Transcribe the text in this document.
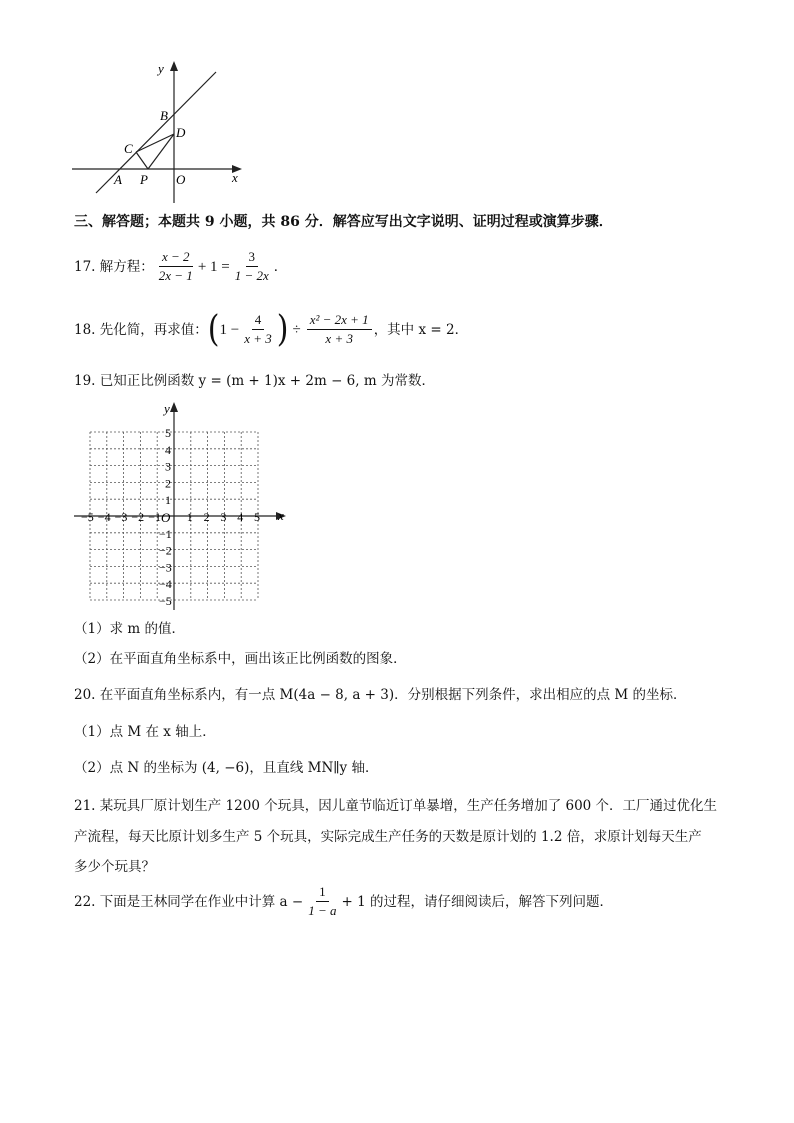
y
x
B
D
C
A P O
三、解答题；本题共 9 小题，共 86 分．解答应写出文字说明、证明过程或演算步骤．
17. 解方程： $\frac{x - 2}{2x - 1} + 1 = \frac{3}{1 - 2x}$ ．
18. 先化简，再求值： ( $1 - \frac{4}{x + 3}$ ) ÷ $\frac{\text{x² − 2x + 1}}{x + 3}$ ，其中 x = 2．
19. 已知正比例函数 y = (m + 1)x + 2m − 6, m 为常数．
−5 −4 −3 −2 −1 1 2 3 4 5
5
4
3
2
1
−1
−2
−3
−4
−5
O	x
y
（1）求 m 的值．
（2）在平面直角坐标系中，画出该正比例函数的图象．
20. 在平面直角坐标系内，有一点 M(4a − 8, a + 3)．分别根据下列条件，求出相应的点 M 的坐标．
（1）点 M 在 x 轴上．
（2）点 N 的坐标为 (4, −6)，且直线 MN∥y 轴．
21. 某玩具厂原计划生产 1200 个玩具，因儿童节临近订单暴增，生产任务增加了 600 个．工厂通过优化生
产流程，每天比原计划多生产 5 个玩具，实际完成生产任务的天数是原计划的 1.2 倍，求原计划每天生产
多少个玩具？
22. 下面是王林同学在作业中计算 $a - \frac{1}{1 - a} + 1$ 的过程，请仔细阅读后，解答下列问题．
